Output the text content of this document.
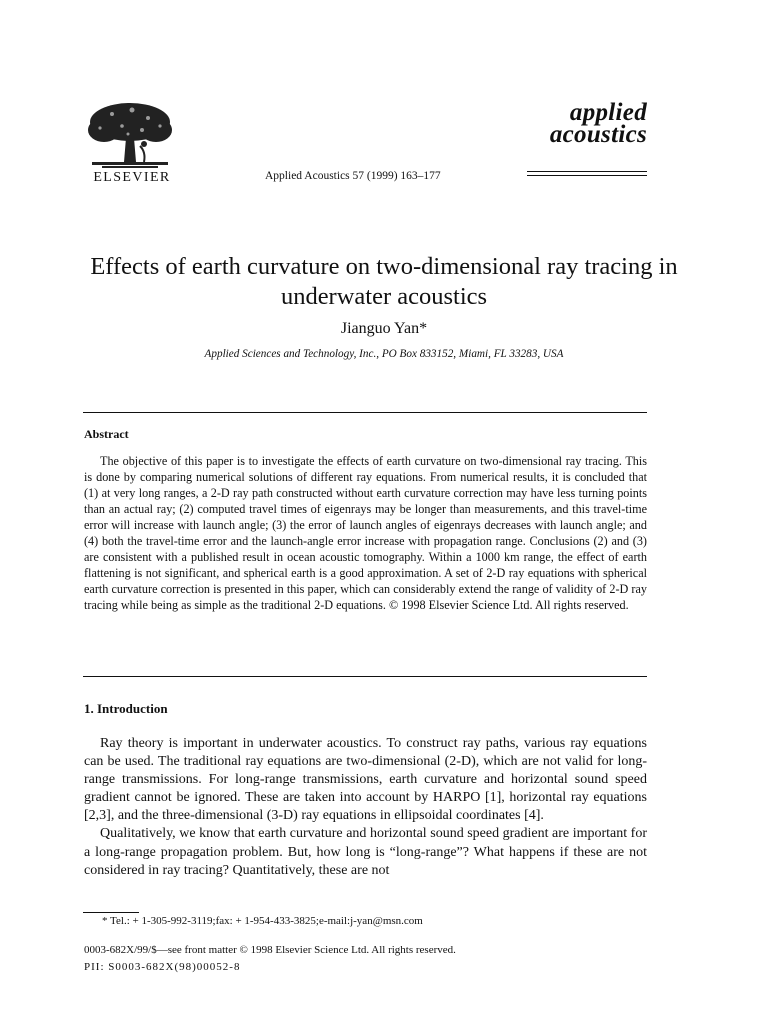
ELSEVIER	Applied Acoustics 57 (1999) 163–177
applied
acoustics
Effects of earth curvature on two-dimensional ray tracing in underwater acoustics
Jianguo Yan*
Applied Sciences and Technology, Inc., PO Box 833152, Miami, FL 33283, USA
Abstract
The objective of this paper is to investigate the effects of earth curvature on two-dimensional ray tracing. This is done by comparing numerical solutions of different ray equations. From numerical results, it is concluded that (1) at very long ranges, a 2-D ray path constructed without earth curvature correction may have less turning points than an actual ray; (2) computed travel times of eigenrays may be longer than measurements, and this travel-time error will increase with launch angle; (3) the error of launch angles of eigenrays decreases with launch angle; and (4) both the travel-time error and the launch-angle error increase with propagation range. Conclusions (2) and (3) are consistent with a published result in ocean acoustic tomography. Within a 1000 km range, the effect of earth flattening is not significant, and spherical earth is a good approximation. A set of 2-D ray equations with spherical earth curvature correction is presented in this paper, which can considerably extend the range of validity of 2-D ray tracing while being as simple as the traditional 2-D equations. © 1998 Elsevier Science Ltd. All rights reserved.
1. Introduction

Ray theory is important in underwater acoustics. To construct ray paths, various ray equations can be used. The traditional ray equations are two-dimensional (2-D), which are not valid for long-range transmissions. For long-range transmissions, earth curvature and horizontal sound speed gradient cannot be ignored. These are taken into account by HARPO [1], horizontal ray equations [2,3], and the three-dimensional (3-D) ray equations in ellipsoidal coordinates [4].

Qualitatively, we know that earth curvature and horizontal sound speed gradient are important for a long-range propagation problem. But, how long is “long-range”? What happens if these are not considered in ray tracing? Quantitatively, these are not

* Tel.: + 1-305-992-3119;fax: + 1-954-433-3825;e-mail:j-yan@msn.com
0003-682X/99/$—see front matter © 1998 Elsevier Science Ltd. All rights reserved.
PII: S0003-682X(98)00052-8
